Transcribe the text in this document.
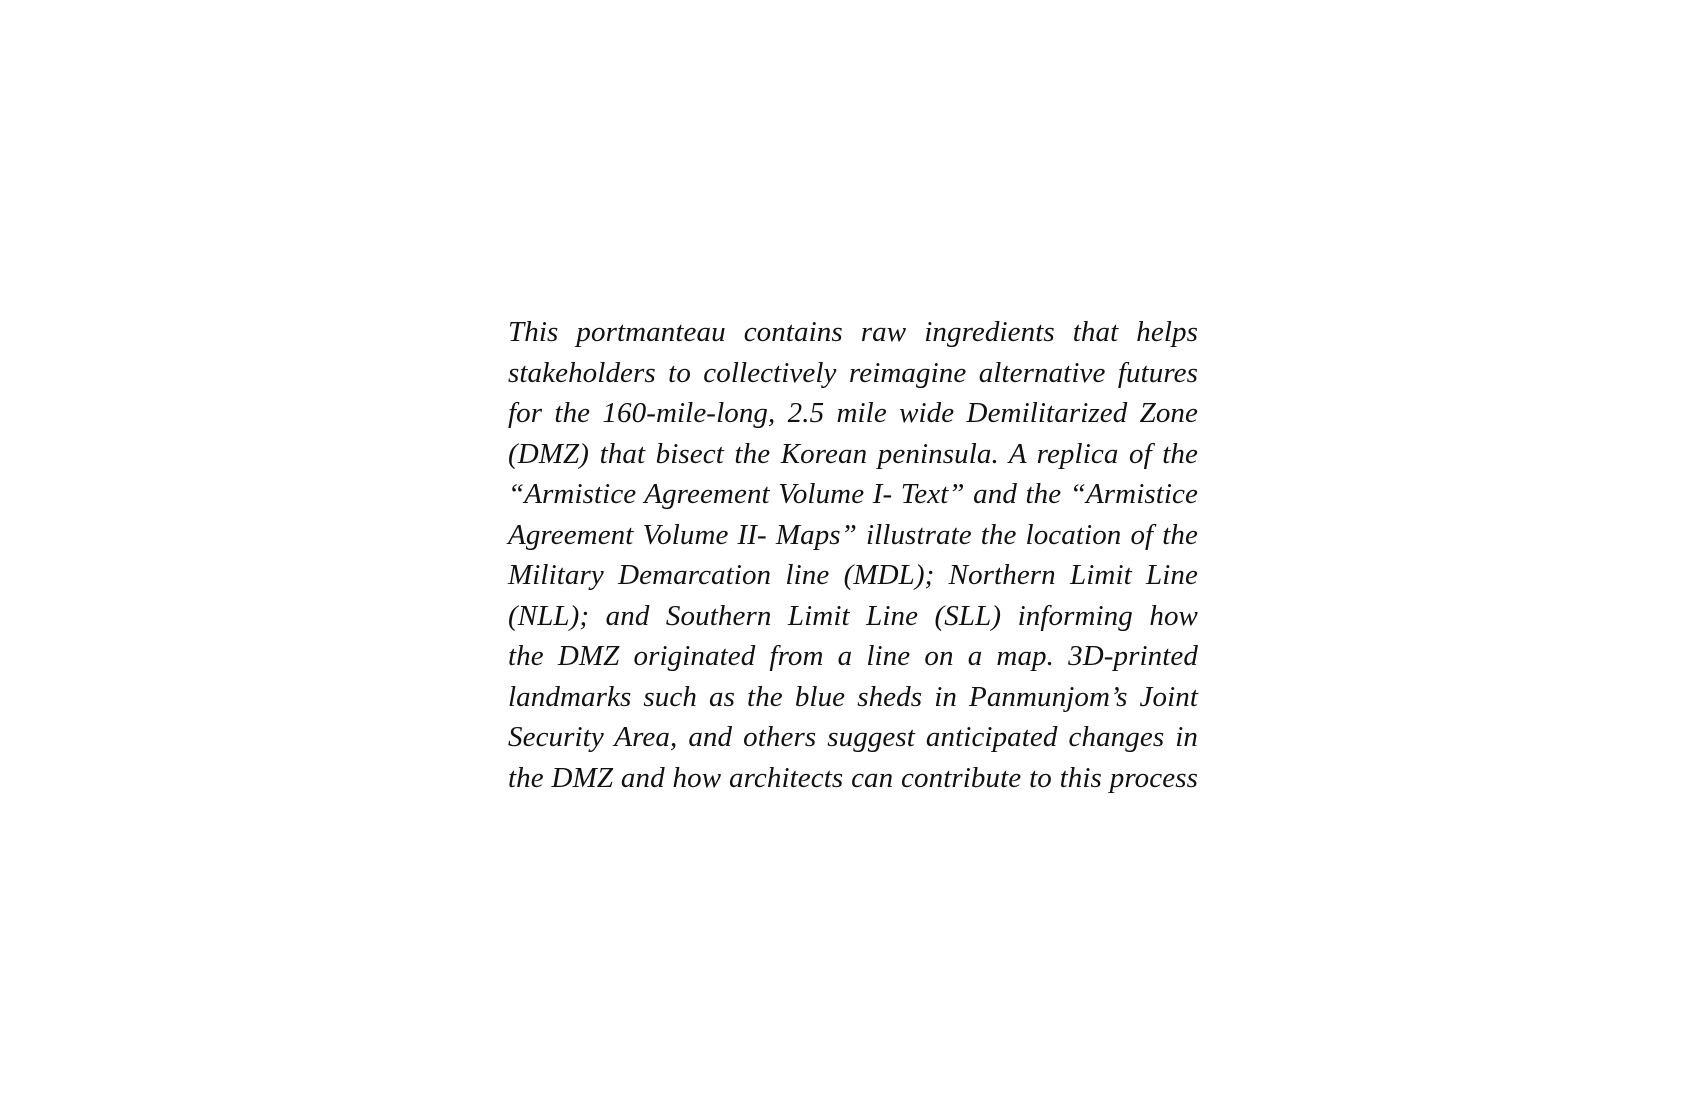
This portmanteau contains raw ingredients that helps
stakeholders to collectively reimagine alternative futures
for the 160-mile-long, 2.5 mile wide Demilitarized Zone
(DMZ) that bisect the Korean peninsula. A replica of the
“Armistice Agreement Volume I- Text” and the “Armistice
Agreement Volume II- Maps” illustrate the location of the
Military Demarcation line (MDL); Northern Limit Line
(NLL); and Southern Limit Line (SLL) informing how
the DMZ originated from a line on a map. 3D-printed
landmarks such as the blue sheds in Panmunjom’s Joint
Security Area, and others suggest anticipated changes in
the DMZ and how architects can contribute to this process
